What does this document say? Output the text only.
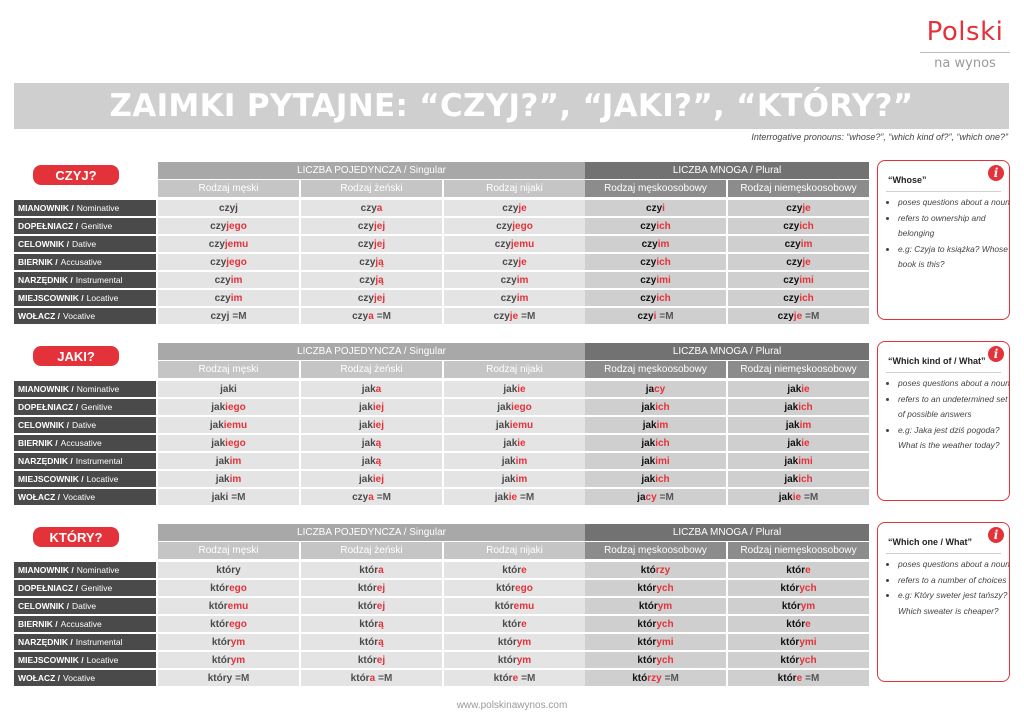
Polski
na wynos
ZAIMKI PYTAJNE: “CZYJ?”, “JAKI?”, “KTÓRY?”
Interrogative pronouns: “whose?”, “which kind of?”, “which one?”
CZYJ?	LICZBA POJEDYNCZA / Singular	LICZBA MNOGA / Plural
Rodzaj męski	Rodzaj żeński	Rodzaj nijaki	Rodzaj męskoosobowy	Rodzaj niemęskoosobowy
MIANOWNIK / Nominative	czyj	czy a	czy je	czy i	czy je
DOPEŁNIACZ / Genitive	czy jego	czy jej	czy jego	czy ich	czy ich
CELOWNIK / Dative	czy jemu	czy jej	czy jemu	czy im	czy im
BIERNIK / Accusative	czy jego	czy ją	czy je	czy ich	czy je
NARZĘDNIK / Instrumental	czy im	czy ją	czy im	czy imi	czy imi
MIEJSCOWNIK / Locative	czy im	czy jej	czy im	czy ich	czy ich
WOŁACZ / Vocative	czyj =M	czy a =M	czy je =M	czy i =M	czy je =M
“Whose”	i
• poses questions about a noun
• refers to ownership and belonging
• e.g: Czyja to książka? Whose book is this?
JAKI?	LICZBA POJEDYNCZA / Singular	LICZBA MNOGA / Plural
Rodzaj męski	Rodzaj żeński	Rodzaj nijaki	Rodzaj męskoosobowy	Rodzaj niemęskoosobowy
MIANOWNIK / Nominative	jaki	jak a	jak ie	ja cy	jak ie
DOPEŁNIACZ / Genitive	jak iego	jak iej	jak iego	jak ich	jak ich
CELOWNIK / Dative	jak iemu	jak iej	jak iemu	jak im	jak im
BIERNIK / Accusative	jak iego	jak ą	jak ie	jak ich	jak ie
NARZĘDNIK / Instrumental	jak im	jak ą	jak im	jak imi	jak imi
MIEJSCOWNIK / Locative	jak im	jak iej	jak im	jak ich	jak ich
WOŁACZ / Vocative	jaki =M	czy a =M	jak ie =M	ja cy =M	jak ie =M
“Which kind of / What” i
• poses questions about a noun
• refers to an undetermined set of possible answers
• e.g: Jaka jest dziś pogoda? What is the weather today?
KTÓRY?	LICZBA POJEDYNCZA / Singular	LICZBA MNOGA / Plural
Rodzaj męski	Rodzaj żeński	Rodzaj nijaki	Rodzaj męskoosobowy	Rodzaj niemęskoosobowy
MIANOWNIK / Nominative	który	któr a	któr e	któ rzy	któr e
DOPEŁNIACZ / Genitive	któr ego	któr ej	któr ego	któr ych	któr ych
CELOWNIK / Dative	któr emu	któr ej	któr emu	któr ym	któr ym
BIERNIK / Accusative	któr ego	któr ą	któr e	któr ych	któr e
NARZĘDNIK / Instrumental	któr ym	któr ą	któr ym	któr ymi	któr ymi
MIEJSCOWNIK / Locative	któr ym	któr ej	któr ym	któr ych	któr ych
WOŁACZ / Vocative	który =M	któr a =M	któr e =M	któ rzy =M	któr e =M
“Which one / What”	i
• poses questions about a noun
• refers to a number of choices
• e.g: Który sweter jest tańszy? Which sweater is cheaper?
www.polskinawynos.com
